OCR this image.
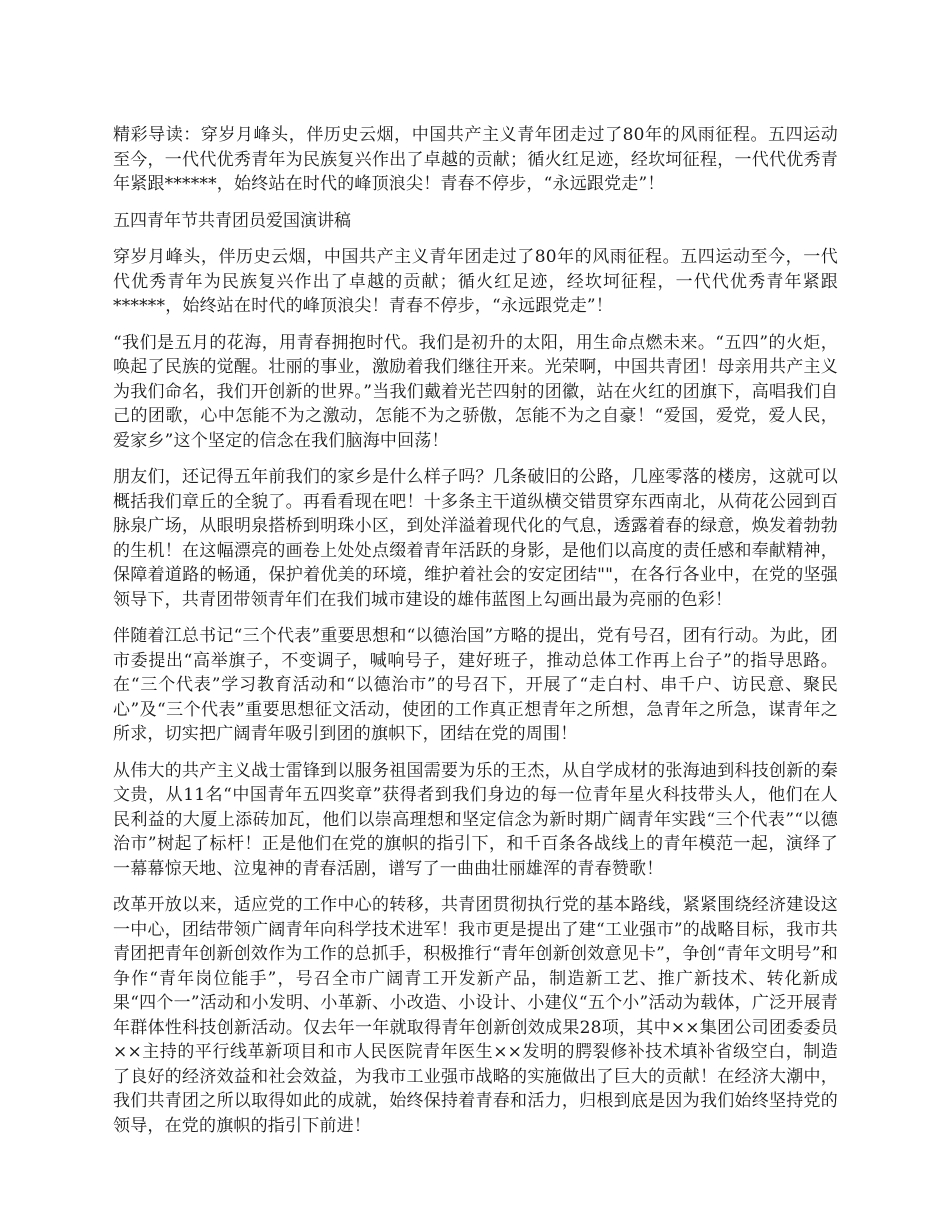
精彩导读：穿岁月峰头，伴历史云烟，中国共产主义青年团走过了80年的风雨征程。五四运动至今，一代代优秀青年为民族复兴作出了卓越的贡献；循火红足迹，经坎坷征程，一代代优秀青年紧跟******，始终站在时代的峰顶浪尖！青春不停步，“永远跟党走”！

五四青年节共青团员爱国演讲稿

穿岁月峰头，伴历史云烟，中国共产主义青年团走过了80年的风雨征程。五四运动至今，一代代优秀青年为民族复兴作出了卓越的贡献；循火红足迹，经坎坷征程，一代代优秀青年紧跟******，始终站在时代的峰顶浪尖！青春不停步，“永远跟党走”！

“我们是五月的花海，用青春拥抱时代。我们是初升的太阳，用生命点燃未来。“五四”的火炬，唤起了民族的觉醒。壮丽的事业，激励着我们继往开来。光荣啊，中国共青团！母亲用共产主义为我们命名，我们开创新的世界。”当我们戴着光芒四射的团徽，站在火红的团旗下，高唱我们自己的团歌，心中怎能不为之激动，怎能不为之骄傲，怎能不为之自豪！“爱国，爱党，爱人民，爱家乡”这个坚定的信念在我们脑海中回荡！

朋友们，还记得五年前我们的家乡是什么样子吗？几条破旧的公路，几座零落的楼房，这就可以概括我们章丘的全貌了。再看看现在吧！十多条主干道纵横交错贯穿东西南北，从荷花公园到百脉泉广场，从眼明泉搭桥到明珠小区，到处洋溢着现代化的气息，透露着春的绿意，焕发着勃勃的生机！在这幅漂亮的画卷上处处点缀着青年活跃的身影，是他们以高度的责任感和奉献精神，保障着道路的畅通，保护着优美的环境，维护着社会的安定团结""，在各行各业中，在党的坚强领导下，共青团带领青年们在我们城市建设的雄伟蓝图上勾画出最为亮丽的色彩！

伴随着江总书记“三个代表”重要思想和“以德治国”方略的提出，党有号召，团有行动。为此，团市委提出“高举旗子，不变调子，喊响号子，建好班子，推动总体工作再上台子”的指导思路。在“三个代表”学习教育活动和“以德治市”的号召下，开展了“走白村、串千户、访民意、聚民心”及“三个代表”重要思想征文活动，使团的工作真正想青年之所想，急青年之所急，谋青年之所求，切实把广阔青年吸引到团的旗帜下，团结在党的周围！

从伟大的共产主义战士雷锋到以服务祖国需要为乐的王杰，从自学成材的张海迪到科技创新的秦文贵，从11名“中国青年五四奖章”获得者到我们身边的每一位青年星火科技带头人，他们在人民利益的大厦上添砖加瓦，他们以崇高理想和坚定信念为新时期广阔青年实践“三个代表”“以德治市”树起了标杆！正是他们在党的旗帜的指引下，和千百条各战线上的青年模范一起，演绎了一幕幕惊天地、泣鬼神的青春活剧，谱写了一曲曲壮丽雄浑的青春赞歌！

改革开放以来，适应党的工作中心的转移，共青团贯彻执行党的基本路线，紧紧围绕经济建设这一中心，团结带领广阔青年向科学技术进军！我市更是提出了建“工业强市”的战略目标，我市共青团把青年创新创效作为工作的总抓手，积极推行“青年创新创效意见卡”，争创“青年文明号”和争作“青年岗位能手”，号召全市广阔青工开发新产品，制造新工艺、推广新技术、转化新成果“四个一”活动和小发明、小革新、小改造、小设计、小建仪“五个小”活动为载体，广泛开展青年群体性科技创新活动。仅去年一年就取得青年创新创效成果28项，其中××集团公司团委委员××主持的平行线革新项目和市人民医院青年医生××发明的腭裂修补技术填补省级空白，制造了良好的经济效益和社会效益，为我市工业强市战略的实施做出了巨大的贡献！在经济大潮中，我们共青团之所以取得如此的成就，始终保持着青春和活力，归根到底是因为我们始终坚持党的领导，在党的旗帜的指引下前进！
